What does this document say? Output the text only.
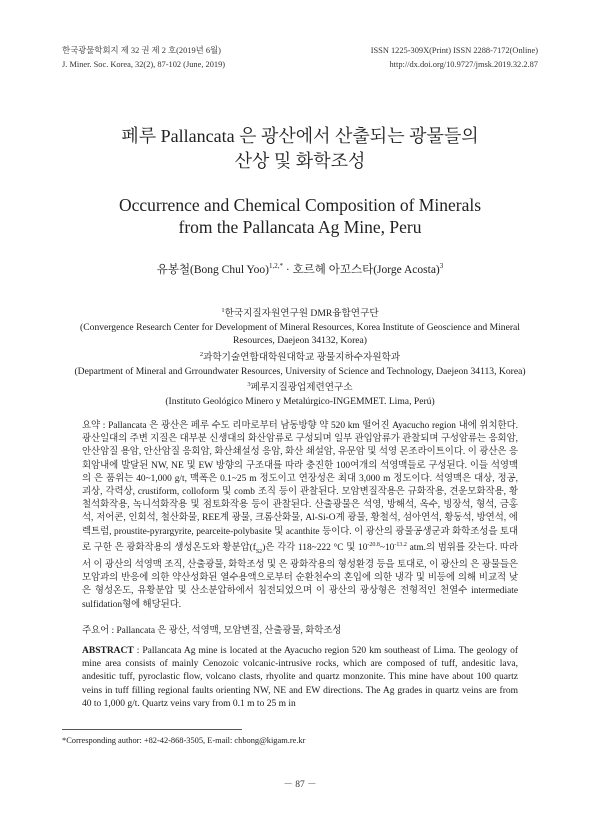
한국광물학회지 제 32 권 제 2 호(2019년 6월)
J. Miner. Soc. Korea, 32(2), 87-102 (June, 2019)
ISSN 1225-309X(Print) ISSN 2288-7172(Online)
http://dx.doi.org/10.9727/jmsk.2019.32.2.87
페루 Pallancata 은 광산에서 산출되는 광물들의
산상 및 화학조성
Occurrence and Chemical Composition of Minerals
from the Pallancata Ag Mine, Peru
유봉철(Bong Chul Yoo)$^{1,2,*}$ · 호르헤 아꼬스타(Jorge Acosta)$^3$
$^1$한국지질자원연구원 DMR융합연구단
(Convergence Research Center for Development of Mineral Resources, Korea Institute of Geoscience and Mineral Resources, Daejeon 34132, Korea)
$^2$과학기술연합대학원대학교 광물지하수자원학과
(Department of Mineral and Grroundwater Resources, University of Science and Technology, Daejeon 34113, Korea)
$^3$페루지질광업제련연구소
(Instituto Geológico Minero y Metalúrgico-INGEMMET. Lima, Perú)
요약 : Pallancata 은 광산은 페루 수도 리마로부터 남동방향 약 520 km 떨어진 Ayacucho region 내에 위치한다. 광산일대의 주변 지질은 대부분 신생대의 화산암류로 구성되며 일부 관입암류가 관찰되며 구성암류는 응회암, 안산암질 용암, 안산암질 응회암, 화산쇄설성 응암, 화산 쇄설암, 유문암 및 석영 몬조라이트이다. 이 광산은 응회암내에 발달된 NW, NE 및 EW 방향의 구조대를 따라 충진한 100여개의 석영맥들로 구성된다. 이들 석영맥의 은 품위는 40~1,000 g/t, 맥폭은 0.1~25 m 정도이고 연장성은 최대 3,000 m 정도이다. 석영맥은 대상, 정공, 괴상, 각력상, crustiform, colloform 및 comb 조직 등이 관찰된다. 모암변질작용은 규화작용, 견운모화작용, 황철석화작용, 녹니석화작용 및 점토화작용 등이 관찰된다. 산출광물은 석영, 방해석, 옥수, 빙장석, 형석, 금홍석, 저어콘, 인회석, 철산화물, REE계 광물, 크롬산화물, Al-Si-O계 광물, 황철석, 섬아연석, 황동석, 방연석, 에렉트럼, proustite-pyrargyrite, pearceite-polybasite 및 acanthite 등이다. 이 광산의 광물공생군과 화학조성을 토대로 구한 은 광화작용의 생성온도와 황분압$(f_{S2})$은 각각 118~222 °C 및 $10^{-20.8}\sim 10^{-13.2}$ atm.의 범위를 갖는다. 따라서 이 광산의 석영맥 조직, 산출광물, 화학조성 및 은 광화작용의 형성환경 등을 토대로, 이 광산의 은 광물들은 모암과의 반응에 의한 약산성화된 열수용액으로부터 순환천수의 혼입에 의한 냉각 및 비등에 의해 비교적 낮은 형성온도, 유황분압 및 산소분압하에서 침전되었으며 이 광산의 광상형은 전형적인 천열수 intermediate sulfidation형에 해당된다.
주요어 : Pallancata 은 광산, 석영맥, 모암변질, 산출광물, 화학조성
ABSTRACT : Pallancata Ag mine is located at the Ayacucho region 520 km southeast of Lima. The geology of mine area consists of mainly Cenozoic volcanic-intrusive rocks, which are composed of tuff, andesitic lava, andesitic tuff, pyroclastic flow, volcano clasts, rhyolite and quartz monzonite. This mine have about 100 quartz veins in tuff filling regional faults orienting NW, NE and EW directions. The Ag grades in quartz veins are from 40 to 1,000 g/t. Quartz veins vary from 0.1 m to 25 m in
*Corresponding author: +82-42-868-3505, E-mail: chbong@kigam.re.kr
－ 87 －
